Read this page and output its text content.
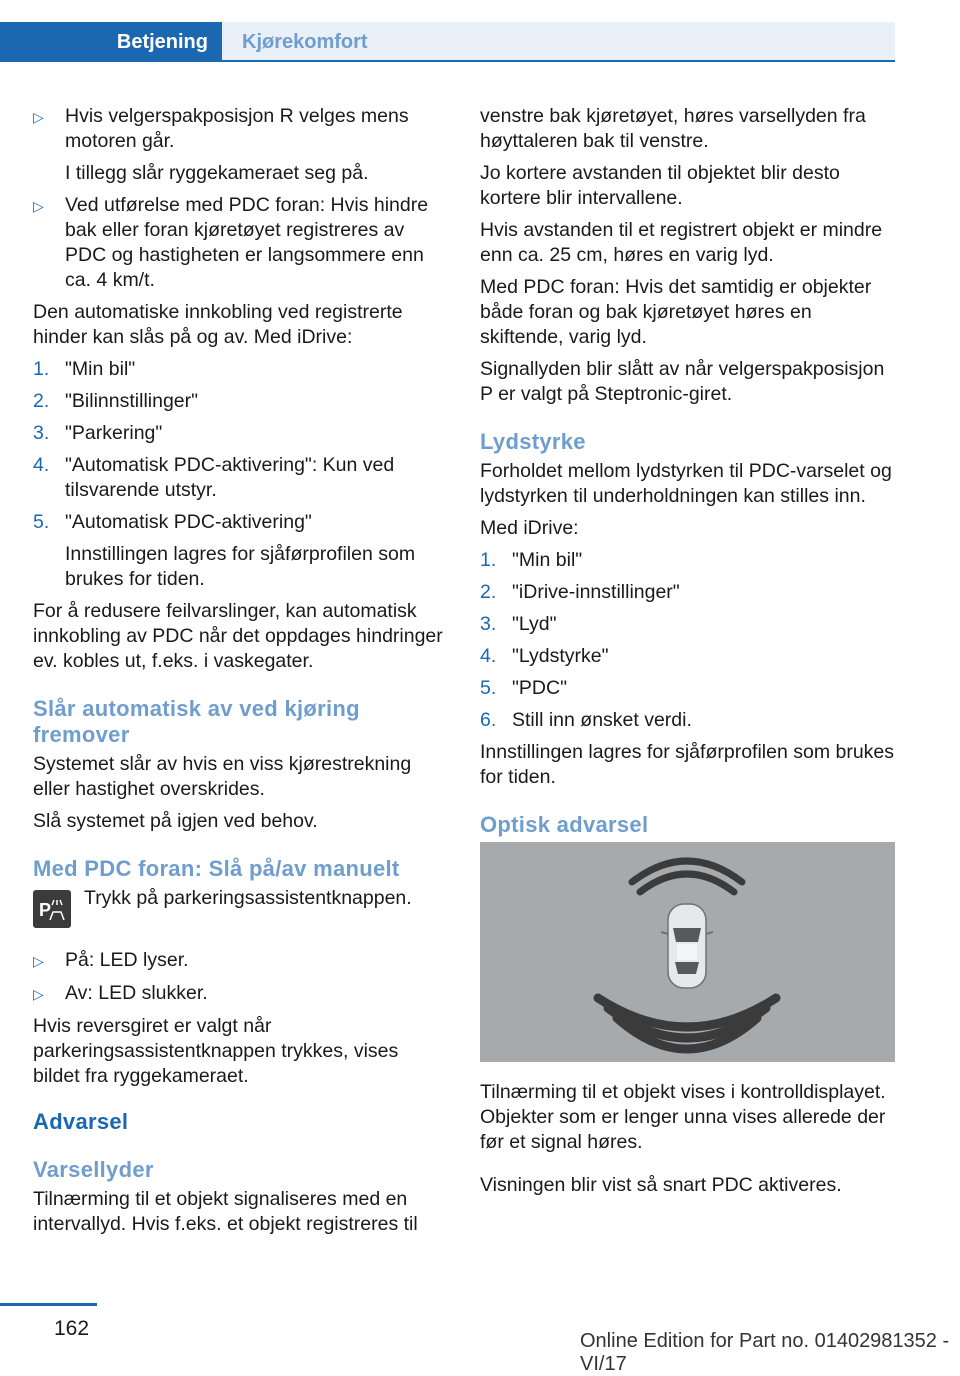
Betjening	Kjørekomfort
▷	Hvis velgerspakposisjon R velges mens motoren går.

I tillegg slår ryggekameraet seg på.

▷	Ved utførelse med PDC foran: Hvis hindre bak eller foran kjøretøyet registreres av PDC og hastigheten er langsommere enn ca. 4 km/t.

Den automatiske innkobling ved registrerte hinder kan slås på og av. Med iDrive:

1. "Min bil"
2. "Bilinnstillinger"
3. "Parkering"
4. "Automatisk PDC-aktivering": Kun ved tilsvarende utstyr.
5. "Automatisk PDC-aktivering"

Innstillingen lagres for sjåførprofilen som brukes for tiden.

For å redusere feilvarslinger, kan automatisk innkobling av PDC når det oppdages hindringer ev. kobles ut, f.eks. i vaskegater.

Slår automatisk av ved kjøring fremover

Systemet slår av hvis en viss kjørestrekning eller hastighet overskrides.

Slå systemet på igjen ved behov.

Med PDC foran: Slå på/av manuelt
P
Trykk på parkeringsassistentknappen.
▷	På: LED lyser.
▷	Av: LED slukker.

Hvis reversgiret er valgt når parkeringsassistentknappen trykkes, vises bildet fra ryggekameraet.

Advarsel
Varsellyder

Tilnærming til et objekt signaliseres med en intervallyd. Hvis f.eks. et objekt registreres til

venstre bak kjøretøyet, høres varsellyden fra høyttaleren bak til venstre.

Jo kortere avstanden til objektet blir desto kortere blir intervallene.

Hvis avstanden til et registrert objekt er mindre enn ca. 25 cm, høres en varig lyd.

Med PDC foran: Hvis det samtidig er objekter både foran og bak kjøretøyet høres en skiftende, varig lyd.

Signallyden blir slått av når velgerspakposisjon P er valgt på Steptronic-giret.

Lydstyrke

Forholdet mellom lydstyrken til PDC-varselet og lydstyrken til underholdningen kan stilles inn.

Med iDrive:

1. "Min bil"
2. "iDrive-innstillinger"
3. "Lyd"
4. "Lydstyrke"
5. "PDC"
6. Still inn ønsket verdi.

Innstillingen lagres for sjåførprofilen som brukes for tiden.

Optisk advarsel

Tilnærming til et objekt vises i kontrolldisplayet. Objekter som er lenger unna vises allerede der før et signal høres.

Visningen blir vist så snart PDC aktiveres.

162
Online Edition for Part no. 01402981352 - VI/17
